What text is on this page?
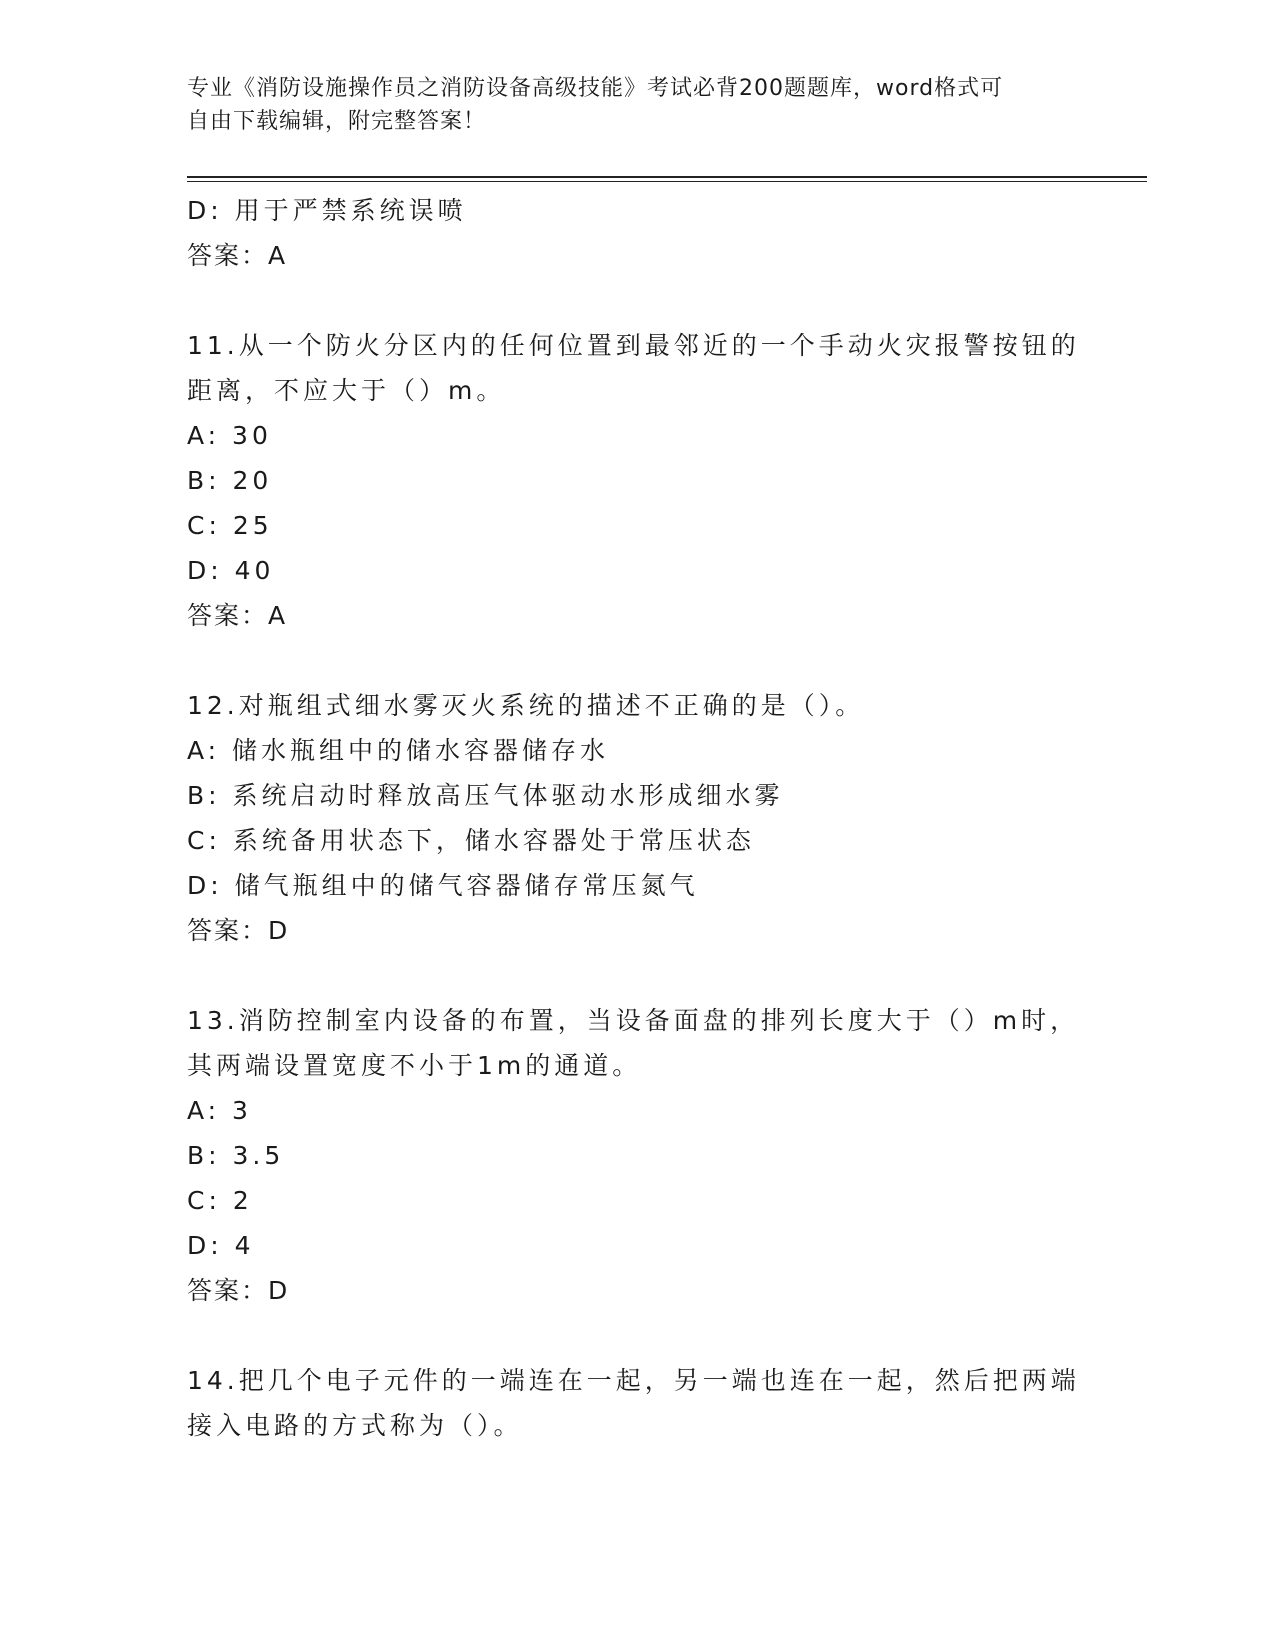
专业《消防设施操作员之消防设备高级技能》考试必背200题题库，word格式可
自由下载编辑，附完整答案！
D: 用于严禁系统误喷
答案：A
11.从一个防火分区内的任何位置到最邻近的一个手动火灾报警按钮的
距离，不应大于（）m。
A: 30
B: 20
C: 25
D: 40
答案：A
12.对瓶组式细水雾灭火系统的描述不正确的是（）。
A: 储水瓶组中的储水容器储存水
B: 系统启动时释放高压气体驱动水形成细水雾
C: 系统备用状态下，储水容器处于常压状态
D: 储气瓶组中的储气容器储存常压氮气
答案：D
13.消防控制室内设备的布置，当设备面盘的排列长度大于（）m时，
其两端设置宽度不小于1m的通道。
A: 3
B: 3.5
C: 2
D: 4
答案：D
14.把几个电子元件的一端连在一起，另一端也连在一起，然后把两端
接入电路的方式称为（）。
